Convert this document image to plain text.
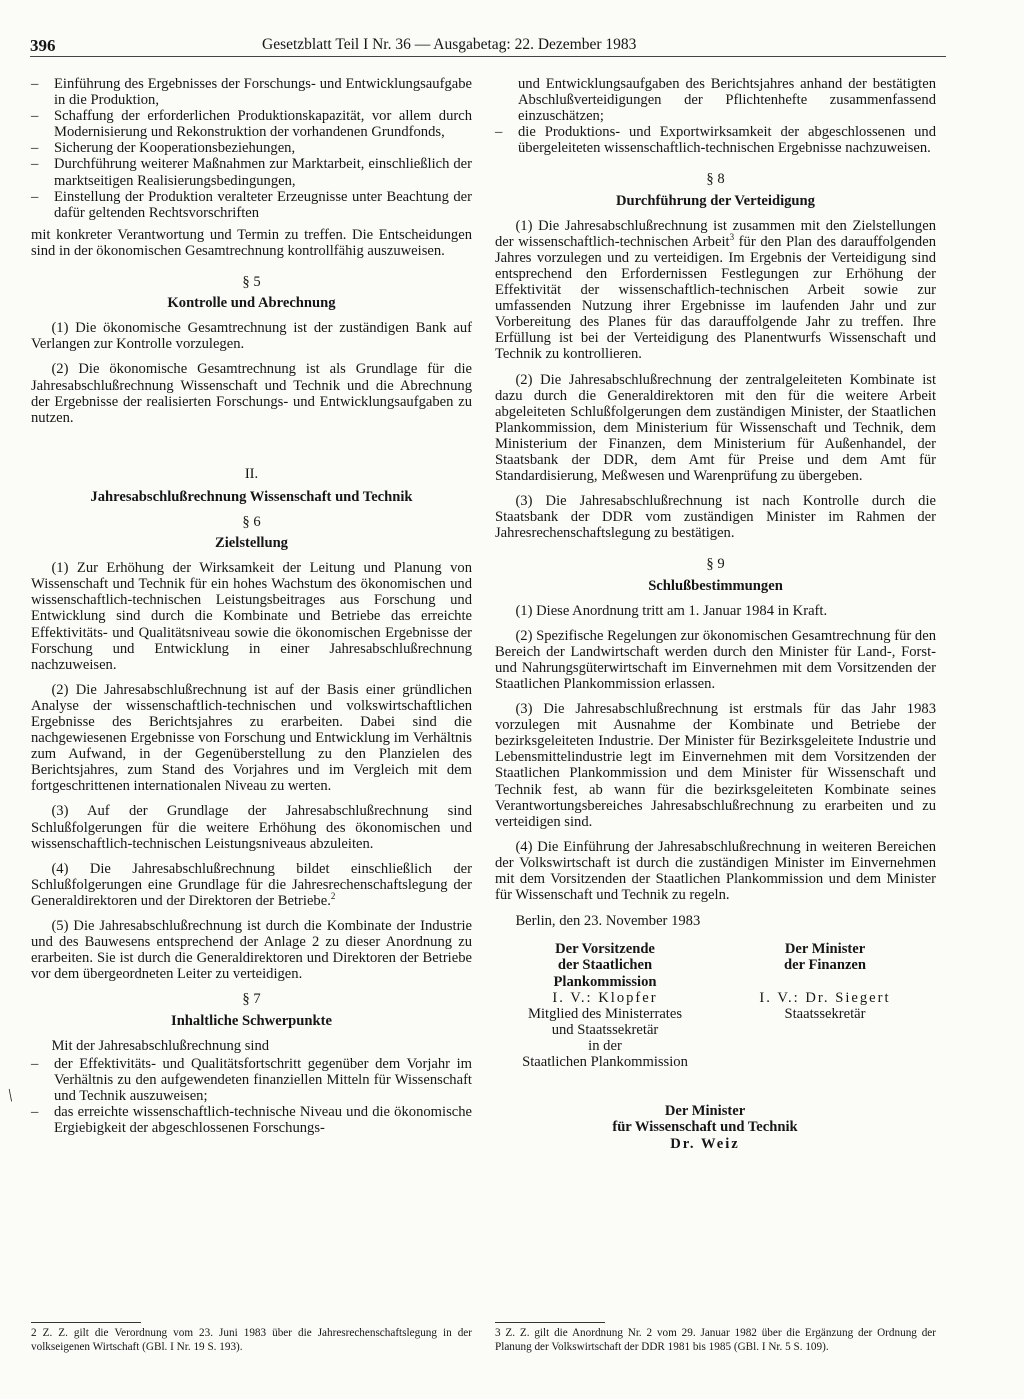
396	Gesetzblatt Teil I Nr. 36 — Ausgabetag: 22. Dezember 1983
/

– Einführung des Ergebnisses der Forschungs- und Entwicklungsaufgabe in die Produktion,

– Schaffung der erforderlichen Produktionskapazität, vor allem durch Modernisierung und Rekonstruktion der vorhandenen Grundfonds,

– Sicherung der Kooperationsbeziehungen,

– Durchführung weiterer Maßnahmen zur Marktarbeit, einschließlich der marktseitigen Realisierungsbedingungen,

– Einstellung der Produktion veralteter Erzeugnisse unter Beachtung der dafür geltenden Rechtsvorschriften

mit konkreter Verantwortung und Termin zu treffen. Die Entscheidungen sind in der ökonomischen Gesamtrechnung kontrollfähig auszuweisen.

§ 5
Kontrolle und Abrechnung

(1) Die ökonomische Gesamtrechnung ist der zuständigen Bank auf Verlangen zur Kontrolle vorzulegen.

(2) Die ökonomische Gesamtrechnung ist als Grundlage für die Jahresabschlußrechnung Wissenschaft und Technik und die Abrechnung der Ergebnisse der realisierten Forschungs- und Entwicklungsaufgaben zu nutzen.

II.
Jahresabschlußrechnung Wissenschaft und Technik
§ 6
Zielstellung

(1) Zur Erhöhung der Wirksamkeit der Leitung und Planung von Wissenschaft und Technik für ein hohes Wachstum des ökonomischen und wissenschaftlich-technischen Leistungsbeitrages aus Forschung und Entwicklung sind durch die Kombinate und Betriebe das erreichte Effektivitäts- und Qualitätsniveau sowie die ökonomischen Ergebnisse der Forschung und Entwicklung in einer Jahresabschlußrechnung nachzuweisen.

(2) Die Jahresabschlußrechnung ist auf der Basis einer gründlichen Analyse der wissenschaftlich-technischen und volkswirtschaftlichen Ergebnisse des Berichtsjahres zu erarbeiten. Dabei sind die nachgewiesenen Ergebnisse von Forschung und Entwicklung im Verhältnis zum Aufwand, in der Gegenüberstellung zu den Planzielen des Berichtsjahres, zum Stand des Vorjahres und im Vergleich mit dem fortgeschrittenen internationalen Niveau zu werten.

(3) Auf der Grundlage der Jahresabschlußrechnung sind Schlußfolgerungen für die weitere Erhöhung des ökonomischen und wissenschaftlich-technischen Leistungsniveaus abzuleiten.

(4) Die Jahresabschlußrechnung bildet einschließlich der Schlußfolgerungen eine Grundlage für die Jahresrechenschaftslegung der Generaldirektoren und der Direktoren der Betriebe.$^2$

(5) Die Jahresabschlußrechnung ist durch die Kombinate der Industrie und des Bauwesens entsprechend der Anlage 2 zu dieser Anordnung zu erarbeiten. Sie ist durch die Generaldirektoren und Direktoren der Betriebe vor dem übergeordneten Leiter zu verteidigen.

§ 7
Inhaltliche Schwerpunkte

Mit der Jahresabschlußrechnung sind

– der Effektivitäts- und Qualitätsfortschritt gegenüber dem Vorjahr im Verhältnis zu den aufgewendeten finanziellen Mitteln für Wissenschaft und Technik auszuweisen;

– das erreichte wissenschaftlich-technische Niveau und die ökonomische Ergiebigkeit der abgeschlossenen Forschungs-

2 Z. Z. gilt die Verordnung vom 23. Juni 1983 über die Jahresrechenschaftslegung in der volkseigenen Wirtschaft (GBl. I Nr. 19 S. 193).

und Entwicklungsaufgaben des Berichtsjahres anhand der bestätigten Abschlußverteidigungen der Pflichtenhefte zusammenfassend einzuschätzen;

– die Produktions- und Exportwirksamkeit der abgeschlossenen und übergeleiteten wissenschaftlich-technischen Ergebnisse nachzuweisen.

§ 8
Durchführung der Verteidigung

(1) Die Jahresabschlußrechnung ist zusammen mit den Zielstellungen der wissenschaftlich-technischen Arbeit$^3$ für den Plan des darauffolgenden Jahres vorzulegen und zu verteidigen. Im Ergebnis der Verteidigung sind entsprechend den Erfordernissen Festlegungen zur Erhöhung der Effektivität der wissenschaftlich-technischen Arbeit sowie zur umfassenden Nutzung ihrer Ergebnisse im laufenden Jahr und zur Vorbereitung des Planes für das darauffolgende Jahr zu treffen. Ihre Erfüllung ist bei der Verteidigung des Planentwurfs Wissenschaft und Technik zu kontrollieren.

(2) Die Jahresabschlußrechnung der zentralgeleiteten Kombinate ist dazu durch die Generaldirektoren mit den für die weitere Arbeit abgeleiteten Schlußfolgerungen dem zuständigen Minister, der Staatlichen Plankommission, dem Ministerium für Wissenschaft und Technik, dem Ministerium der Finanzen, dem Ministerium für Außenhandel, der Staatsbank der DDR, dem Amt für Preise und dem Amt für Standardisierung, Meßwesen und Warenprüfung zu übergeben.

(3) Die Jahresabschlußrechnung ist nach Kontrolle durch die Staatsbank der DDR vom zuständigen Minister im Rahmen der Jahresrechenschaftslegung zu bestätigen.

§ 9
Schlußbestimmungen

(1) Diese Anordnung tritt am 1. Januar 1984 in Kraft.

(2) Spezifische Regelungen zur ökonomischen Gesamtrechnung für den Bereich der Landwirtschaft werden durch den Minister für Land-, Forst- und Nahrungsgüterwirtschaft im Einvernehmen mit dem Vorsitzenden der Staatlichen Plankommission erlassen.

(3) Die Jahresabschlußrechnung ist erstmals für das Jahr 1983 vorzulegen mit Ausnahme der Kombinate und Betriebe der bezirksgeleiteten Industrie. Der Minister für Bezirksgeleitete Industrie und Lebensmittelindustrie legt im Einvernehmen mit dem Vorsitzenden der Staatlichen Plankommission und dem Minister für Wissenschaft und Technik fest, ab wann für die bezirksgeleiteten Kombinate seines Verantwortungsbereiches Jahresabschlußrechnung zu erarbeiten und zu verteidigen sind.

(4) Die Einführung der Jahresabschlußrechnung in weiteren Bereichen der Volkswirtschaft ist durch die zuständigen Minister im Einvernehmen mit dem Vorsitzenden der Staatlichen Plankommission und dem Minister für Wissenschaft und Technik zu regeln.

Berlin, den 23. November 1983

Der Vorsitzende

der Staatlichen

Plankommission

I. V.: Klopfer

Mitglied des Ministerrates

und Staatssekretär

in der

Staatlichen Plankommission

Der Minister

der Finanzen

I. V.: Dr. Siegert

Staatssekretär

Der Minister

für Wissenschaft und Technik

Dr. Weiz

3 Z. Z. gilt die Anordnung Nr. 2 vom 29. Januar 1982 über die Ergänzung der Ordnung der Planung der Volkswirtschaft der DDR 1981 bis 1985 (GBl. I Nr. 5 S. 109).
